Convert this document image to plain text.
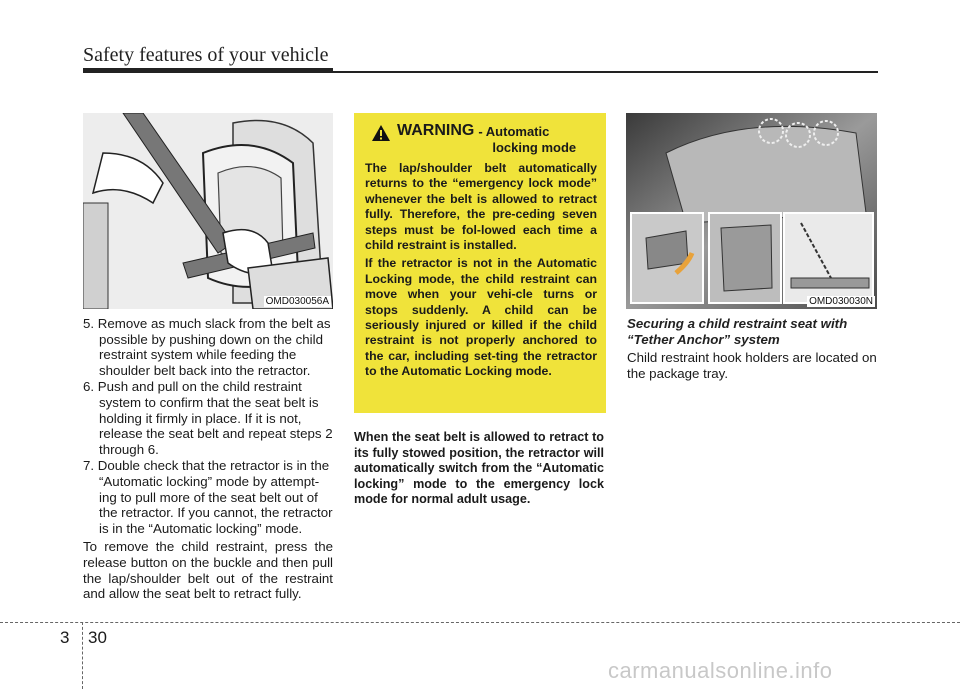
Safety features of your vehicle
OMD030056A

5. Remove as much slack from the belt as possible by pushing down on the child restraint system while feeding the shoulder belt back into the retractor.

6. Push and pull on the child restraint system to confirm that the seat belt is holding it firmly in place. If it is not, release the seat belt and repeat steps 2 through 6.

7. Double check that the retractor is in the “Automatic locking” mode by attempt-ing to pull more of the seat belt out of the retractor. If you cannot, the retractor is in the “Automatic locking” mode.

To remove the child restraint, press the release button on the buckle and then pull the lap/shoulder belt out of the restraint and allow the seat belt to retract fully.

WARNING - Automatic
locking mode

The lap/shoulder belt automatically returns to the “emergency lock mode” whenever the belt is allowed to retract fully. Therefore, the pre-ceding seven steps must be fol-lowed each time a child restraint is installed.

If the retractor is not in the Automatic Locking mode, the child restraint can move when your vehi-cle turns or stops suddenly. A child can be seriously injured or killed if the child restraint is not properly anchored to the car, including set-ting the retractor to the Automatic Locking mode.

When the seat belt is allowed to retract to its fully stowed position, the retractor will automatically switch from the “Automatic locking” mode to the emergency lock mode for normal adult usage.
OMD030030N
Securing a child restraint seat with
“Tether Anchor” system
Child restraint hook holders are located on the package tray.
3 30
carmanualsonline.info
